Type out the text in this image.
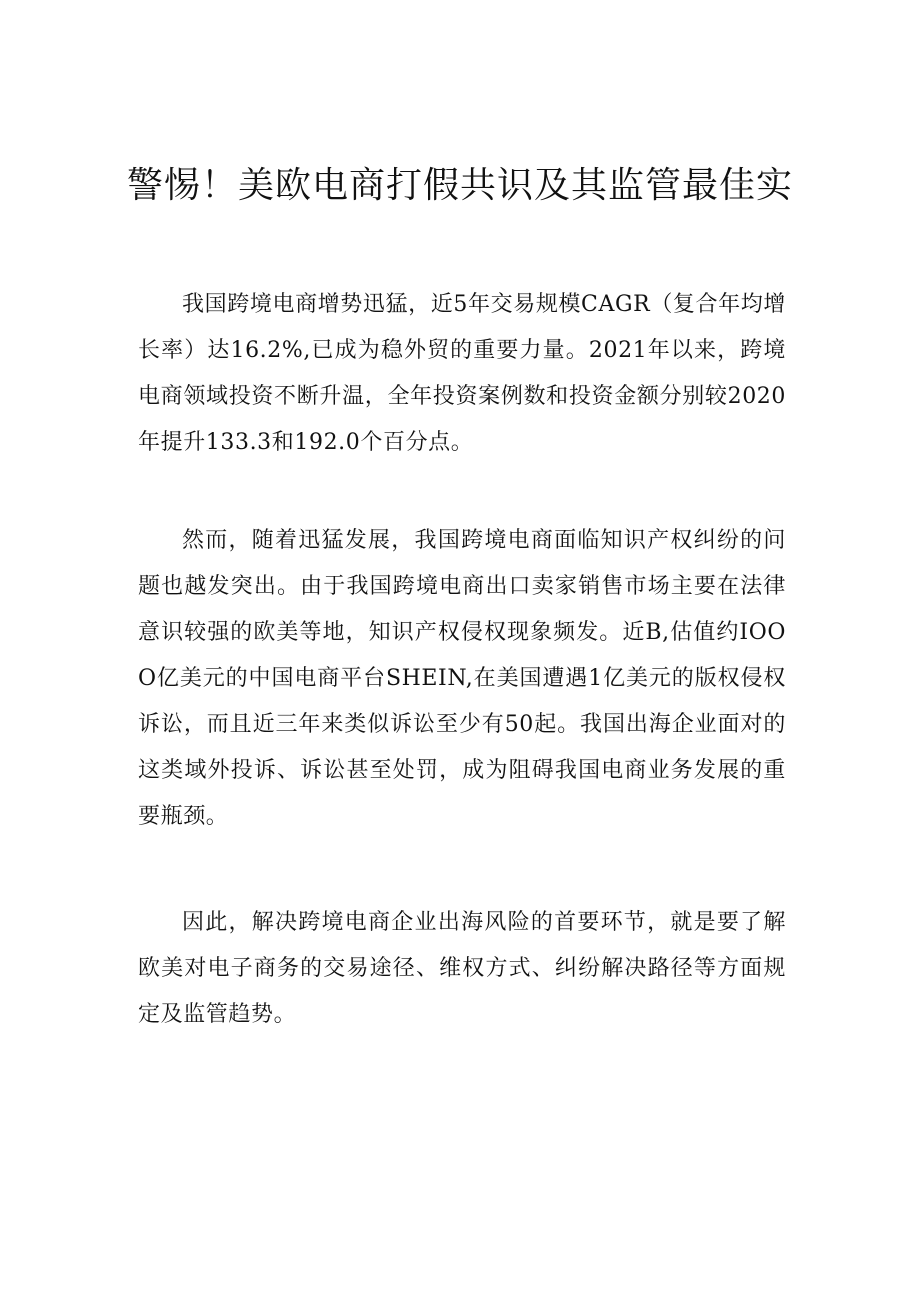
警惕！美欧电商打假共识及其监管最佳实

我国跨境电商增势迅猛，近5年交易规模CAGR（复合年均增长率）达16.2%,已成为稳外贸的重要力量。2021年以来，跨境电商领域投资不断升温，全年投资案例数和投资金额分别较2020年提升133.3和192.0个百分点。

然而，随着迅猛发展，我国跨境电商面临知识产权纠纷的问题也越发突出。由于我国跨境电商出口卖家销售市场主要在法律意识较强的欧美等地，知识产权侵权现象频发。近B,估值约IOOO亿美元的中国电商平台SHEIN,在美国遭遇1亿美元的版权侵权诉讼，而且近三年来类似诉讼至少有50起。我国出海企业面对的这类域外投诉、诉讼甚至处罚，成为阻碍我国电商业务发展的重要瓶颈。

因此，解决跨境电商企业出海风险的首要环节，就是要了解欧美对电子商务的交易途径、维权方式、纠纷解决路径等方面规定及监管趋势。
